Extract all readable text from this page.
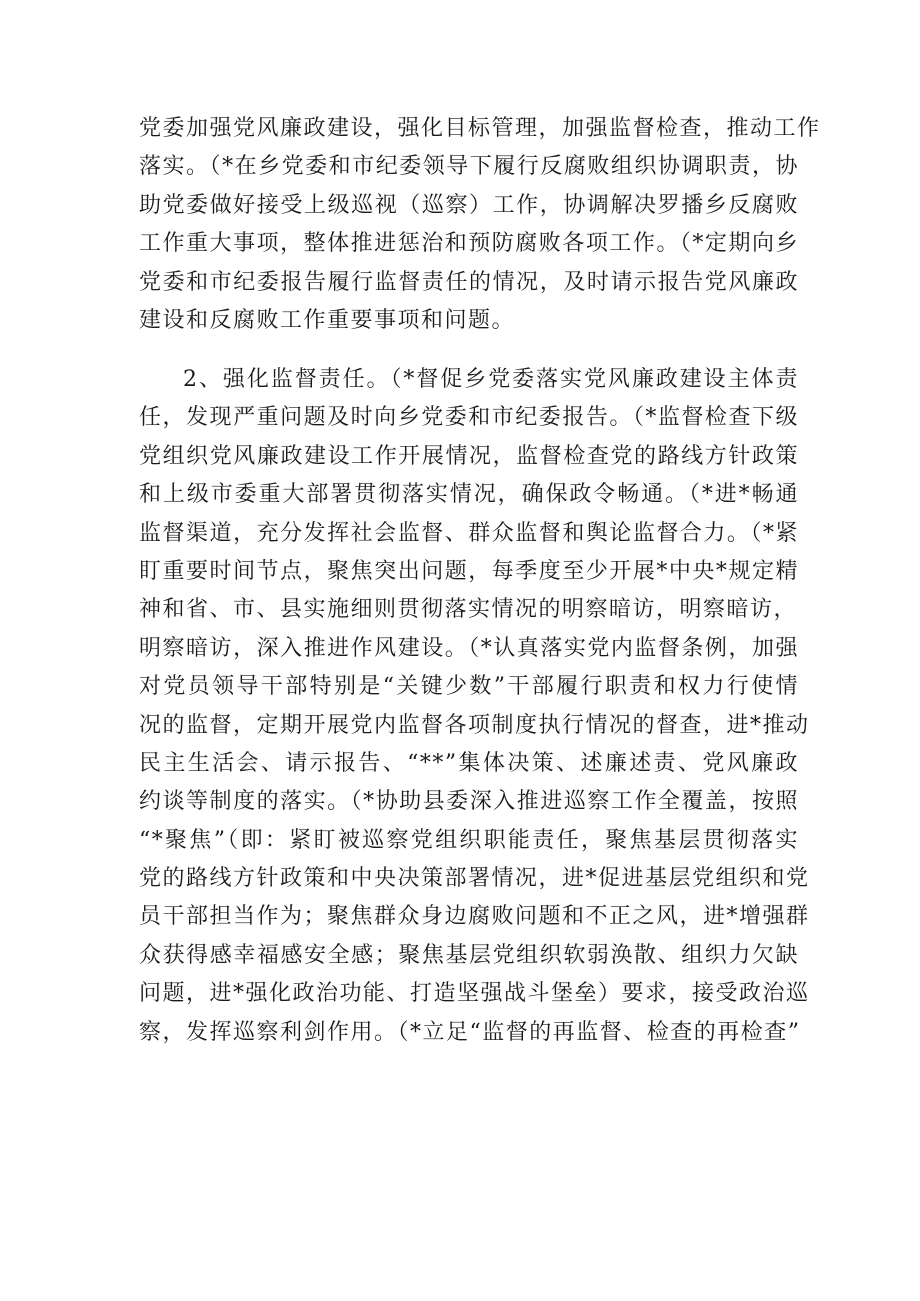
党委加强党风廉政建设，强化目标管理，加强监督检查，推动工作
落实。（*在乡党委和市纪委领导下履行反腐败组织协调职责，协
助党委做好接受上级巡视（巡察）工作，协调解决罗播乡反腐败
工作重大事项，整体推进惩治和预防腐败各项工作。（*定期向乡
党委和市纪委报告履行监督责任的情况，及时请示报告党风廉政
建设和反腐败工作重要事项和问题。
2、强化监督责任。（*督促乡党委落实党风廉政建设主体责
任，发现严重问题及时向乡党委和市纪委报告。（*监督检查下级
党组织党风廉政建设工作开展情况，监督检查党的路线方针政策
和上级市委重大部署贯彻落实情况，确保政令畅通。（*进*畅通
监督渠道，充分发挥社会监督、群众监督和舆论监督合力。（*紧
盯重要时间节点，聚焦突出问题，每季度至少开展*中央*规定精
神和省、市、县实施细则贯彻落实情况的明察暗访，明察暗访，
明察暗访，深入推进作风建设。（*认真落实党内监督条例，加强
对党员领导干部特别是“关键少数”干部履行职责和权力行使情
况的监督，定期开展党内监督各项制度执行情况的督查，进*推动
民主生活会、请示报告、“**”集体决策、述廉述责、党风廉政
约谈等制度的落实。（*协助县委深入推进巡察工作全覆盖，按照
“*聚焦”（即：紧盯被巡察党组织职能责任，聚焦基层贯彻落实
党的路线方针政策和中央决策部署情况，进*促进基层党组织和党
员干部担当作为；聚焦群众身边腐败问题和不正之风，进*增强群
众获得感幸福感安全感；聚焦基层党组织软弱涣散、组织力欠缺
问题，进*强化政治功能、打造坚强战斗堡垒）要求，接受政治巡
察，发挥巡察利剑作用。（*立足“监督的再监督、检查的再检查”
